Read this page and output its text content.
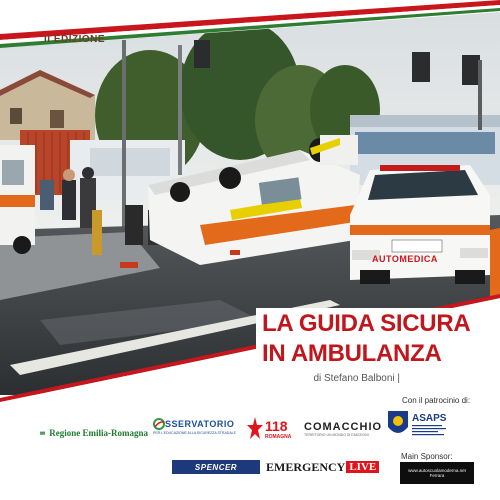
II EDIZIONE
AUTOMEDICA
LA GUIDA SICURA
IN AMBULANZA
di Stefano Balboni |
Con il patrocinio di:
Regione Emilia-Romagna
SSERVATORIO
PER L'EDUCAZIONE ALLA SICUREZZA STRADALE 118
ROMAGNA
COMACCHIO
TERRITORIO UN MONDO DI EMOZIONI
ASAPS
Main Sponsor:
SPENCER EMERGENCY LIVE	www.autoscuolamoderna.net
Ferrara
